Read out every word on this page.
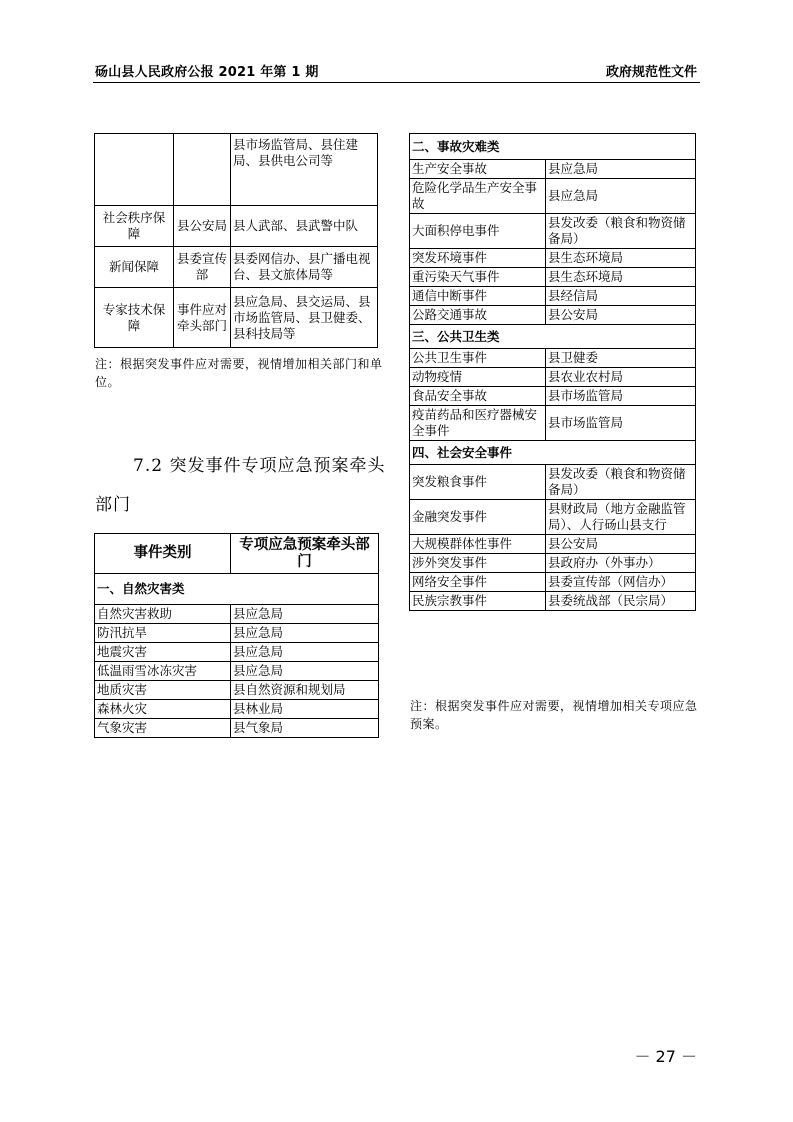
砀山县人民政府公报 2021 年第 1 期	政府规范性文件
		县市场监管局、县住建局、县供电公司等
社会秩序保障	县公安局	县人武部、县武警中队
新闻保障	县委宣传部	县委网信办、县广播电视台、县文旅体局等
专家技术保障	事件应对牵头部门	县应急局、县交运局、县市场监管局、县卫健委、县科技局等
注：根据突发事件应对需要，视情增加相关部门和单位。
7.2 突发事件专项应急预案牵头
部门
事件类别	专项应急预案牵头部门
一、自然灾害类	
自然灾害救助	县应急局
防汛抗旱	县应急局
地震灾害	县应急局
低温雨雪冰冻灾害	县应急局
地质灾害	县自然资源和规划局
森林火灾	县林业局
气象灾害	县气象局
二、事故灾难类	
生产安全事故	县应急局
危险化学品生产安全事故	县应急局
大面积停电事件	县发改委（粮食和物资储备局）
突发环境事件	县生态环境局
重污染天气事件	县生态环境局
通信中断事件	县经信局
公路交通事故	县公安局
三、公共卫生类	
公共卫生事件	县卫健委
动物疫情	县农业农村局
食品安全事故	县市场监管局
疫苗药品和医疗器械安全事件	县市场监管局
四、社会安全事件	
突发粮食事件	县发改委（粮食和物资储备局）
金融突发事件	县财政局（地方金融监管局）、人行砀山县支行
大规模群体性事件	县公安局
涉外突发事件	县政府办（外事办）
网络安全事件	县委宣传部（网信办）
民族宗教事件	县委统战部（民宗局）
注：根据突发事件应对需要，视情增加相关专项应急预案。
－ 27 －
